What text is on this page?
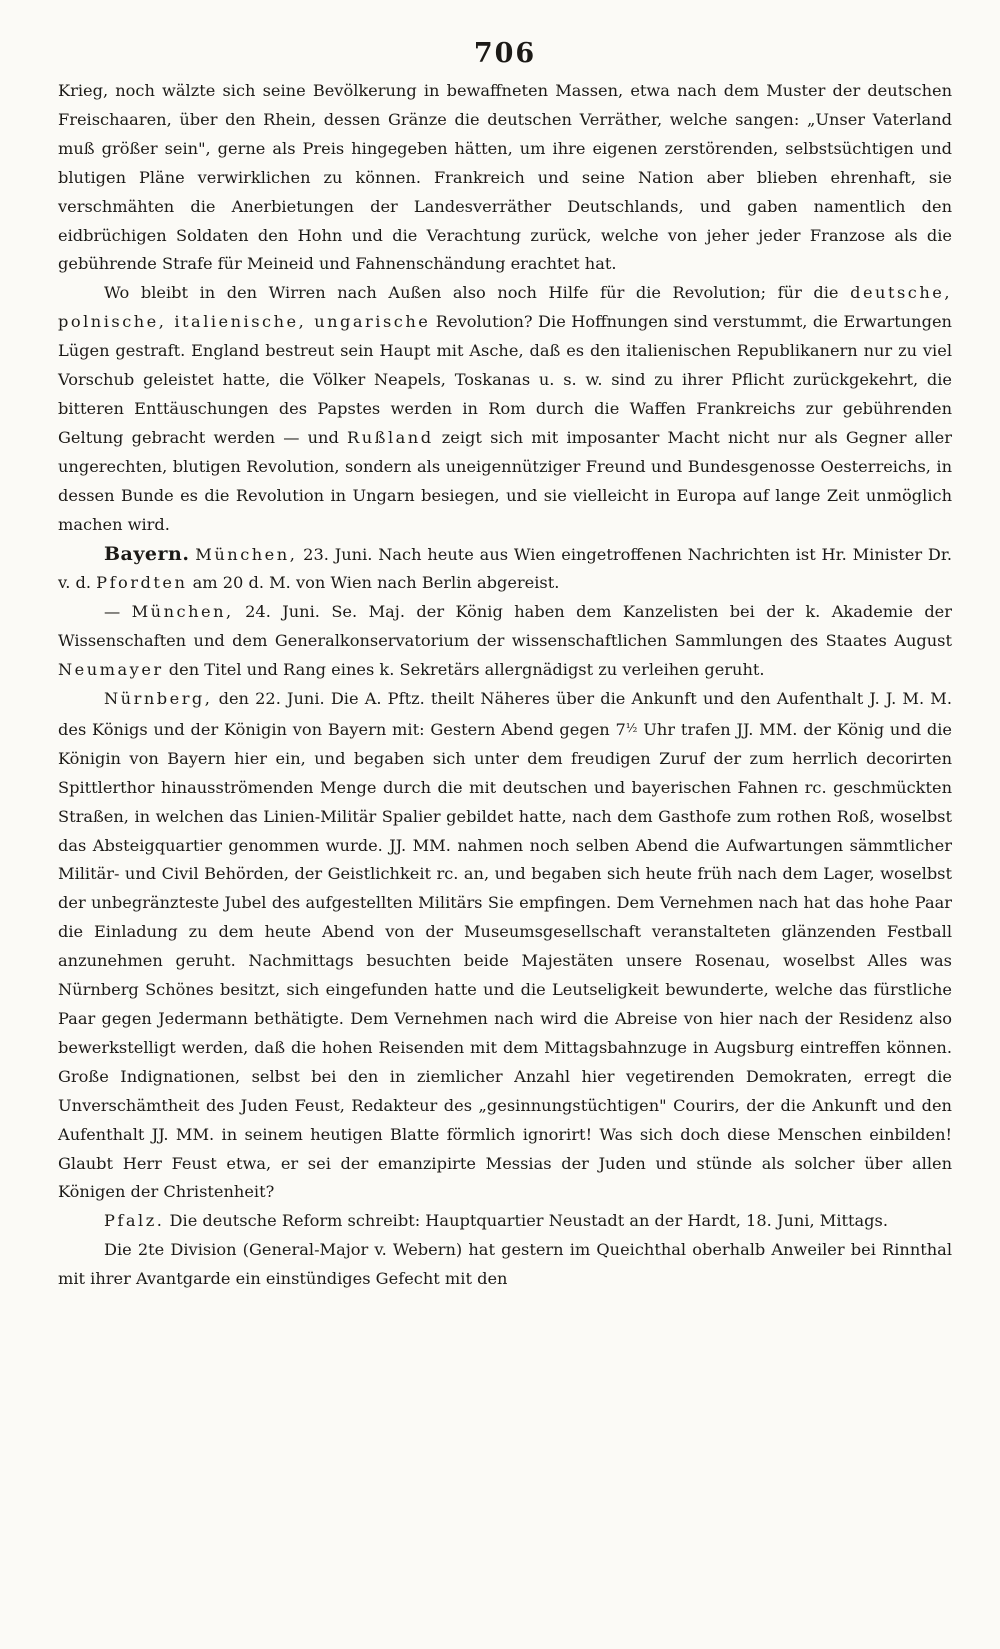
706

Krieg, noch wälzte sich seine Bevölkerung in bewaffneten Massen, etwa nach dem Muster der deutschen Freischaaren, über den Rhein, dessen Gränze die deutschen Verräther, welche sangen: „Unser Vaterland muß größer sein", gerne als Preis hingegeben hätten, um ihre eigenen zerstörenden, selbstsüchtigen und blutigen Pläne verwirklichen zu können. Frankreich und seine Nation aber blieben ehrenhaft, sie verschmähten die Anerbietungen der Landesverräther Deutschlands, und gaben namentlich den eidbrüchigen Soldaten den Hohn und die Verachtung zurück, welche von jeher jeder Franzose als die gebührende Strafe für Meineid und Fahnenschändung erachtet hat.

Wo bleibt in den Wirren nach Außen also noch Hilfe für die Revolution; für die deutsche, polnische, italienische, ungarische Revolution? Die Hoffnungen sind verstummt, die Erwartungen Lügen gestraft. England bestreut sein Haupt mit Asche, daß es den italienischen Republikanern nur zu viel Vorschub geleistet hatte, die Völker Neapels, Toskanas u. s. w. sind zu ihrer Pflicht zurückgekehrt, die bitteren Enttäuschungen des Papstes werden in Rom durch die Waffen Frankreichs zur gebührenden Geltung gebracht werden — und Rußland zeigt sich mit imposanter Macht nicht nur als Gegner aller ungerechten, blutigen Revolution, sondern als uneigennütziger Freund und Bundesgenosse Oesterreichs, in dessen Bunde es die Revolution in Ungarn besiegen, und sie vielleicht in Europa auf lange Zeit unmöglich machen wird.

Bayern. München, 23. Juni. Nach heute aus Wien eingetroffenen Nachrichten ist Hr. Minister Dr. v. d. Pfordten am 20 d. M. von Wien nach Berlin abgereist.

— München, 24. Juni. Se. Maj. der König haben dem Kanzelisten bei der k. Akademie der Wissenschaften und dem Generalkonservatorium der wissenschaftlichen Sammlungen des Staates August Neumayer den Titel und Rang eines k. Sekretärs allergnädigst zu verleihen geruht.

Nürnberg, den 22. Juni. Die A. Pftz. theilt Näheres über die Ankunft und den Aufenthalt J. J. M. M. des Königs und der Königin von Bayern mit: Gestern Abend gegen 7½ Uhr trafen JJ. MM. der König und die Königin von Bayern hier ein, und begaben sich unter dem freudigen Zuruf der zum herrlich decorirten Spittlerthor hinausströmenden Menge durch die mit deutschen und bayerischen Fahnen rc. geschmückten Straßen, in welchen das Linien-Militär Spalier gebildet hatte, nach dem Gasthofe zum rothen Roß, woselbst das Absteigquartier genommen wurde. JJ. MM. nahmen noch selben Abend die Aufwartungen sämmtlicher Militär- und Civil Behörden, der Geistlichkeit rc. an, und begaben sich heute früh nach dem Lager, woselbst der unbegränzteste Jubel des aufgestellten Militärs Sie empfingen. Dem Vernehmen nach hat das hohe Paar die Einladung zu dem heute Abend von der Museumsgesellschaft veranstalteten glänzenden Festball anzunehmen geruht. Nachmittags besuchten beide Majestäten unsere Rosenau, woselbst Alles was Nürnberg Schönes besitzt, sich eingefunden hatte und die Leutseligkeit bewunderte, welche das fürstliche Paar gegen Jedermann bethätigte. Dem Vernehmen nach wird die Abreise von hier nach der Residenz also bewerkstelligt werden, daß die hohen Reisenden mit dem Mittagsbahnzuge in Augsburg eintreffen können. Große Indignationen, selbst bei den in ziemlicher Anzahl hier vegetirenden Demokraten, erregt die Unverschämtheit des Juden Feust, Redakteur des „gesinnungstüchtigen" Courirs, der die Ankunft und den Aufenthalt JJ. MM. in seinem heutigen Blatte förmlich ignorirt! Was sich doch diese Menschen einbilden! Glaubt Herr Feust etwa, er sei der emanzipirte Messias der Juden und stünde als solcher über allen Königen der Christenheit?

Pfalz. Die deutsche Reform schreibt: Hauptquartier Neustadt an der Hardt, 18. Juni, Mittags.

Die 2te Division (General-Major v. Webern) hat gestern im Queichthal oberhalb Anweiler bei Rinnthal mit ihrer Avantgarde ein einstündiges Gefecht mit den
